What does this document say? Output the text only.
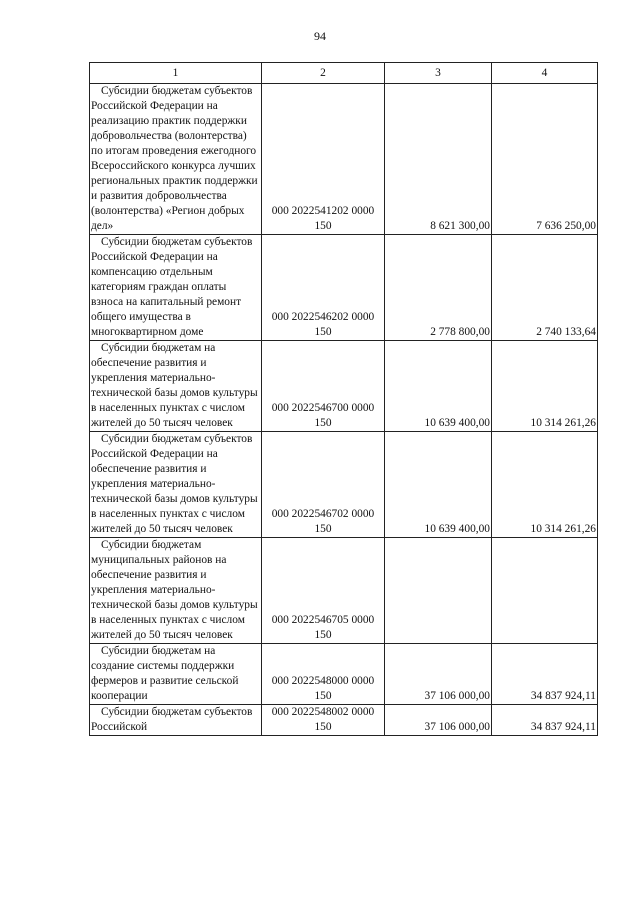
94
1	2	3	4
Субсидии бюджетам субъектов Российской Федерации на реализацию практик поддержки добровольчества (волонтерства) по итогам проведения ежегодного Всероссийского конкурса лучших региональных практик поддержки и развития добровольчества (волонтерства) «Регион добрых дел»	000 2022541202 0000 150	8 621 300,00	7 636 250,00
Субсидии бюджетам субъектов Российской Федерации на компенсацию отдельным категориям граждан оплаты взноса на капитальный ремонт общего имущества в многоквартирном доме	000 2022546202 0000 150	2 778 800,00	2 740 133,64
Субсидии бюджетам на обеспечение развития и укрепления материально-технической базы домов культуры в населенных пунктах с числом жителей до 50 тысяч человек	000 2022546700 0000 150	10 639 400,00	10 314 261,26
Субсидии бюджетам субъектов Российской Федерации на обеспечение развития и укрепления материально-технической базы домов культуры в населенных пунктах с числом жителей до 50 тысяч человек	000 2022546702 0000 150	10 639 400,00	10 314 261,26
Субсидии бюджетам муниципальных районов на обеспечение развития и укрепления материально-технической базы домов культуры в населенных пунктах с числом жителей до 50 тысяч человек	000 2022546705 0000 150		
Субсидии бюджетам на создание системы поддержки фермеров и развитие сельской кооперации	000 2022548000 0000 150	37 106 000,00	34 837 924,11
Субсидии бюджетам субъектов Российской	000 2022548002 0000 150	37 106 000,00	34 837 924,11
